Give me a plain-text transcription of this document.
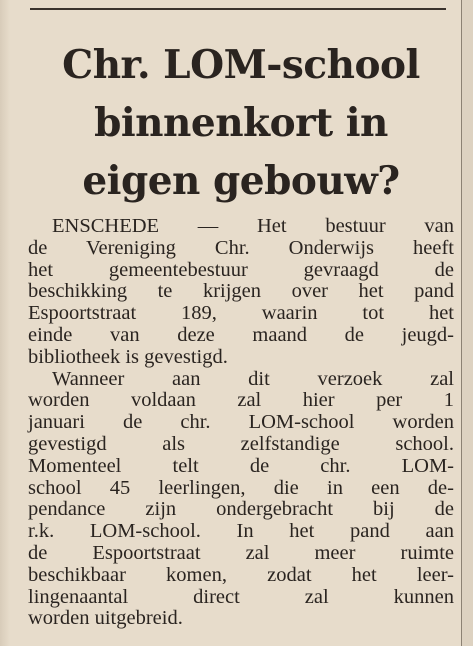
Chr. LOM-school
binnenkort in
eigen gebouw?

ENSCHEDE — Het bestuur van
de Vereniging Chr. Onderwijs heeft
het gemeentebestuur gevraagd de
beschikking te krijgen over het pand
Espoortstraat 189, waarin tot het
einde van deze maand de jeugd-
bibliotheek is gevestigd.

Wanneer aan dit verzoek zal
worden voldaan zal hier per 1
januari de chr. LOM-school worden
gevestigd als zelfstandige school.
Momenteel telt de chr. LOM-
school 45 leerlingen, die in een de-
pendance zijn ondergebracht bij de
r.k. LOM-school. In het pand aan
de Espoortstraat zal meer ruimte
beschikbaar komen, zodat het leer-
lingenaantal direct zal kunnen
worden uitgebreid.
